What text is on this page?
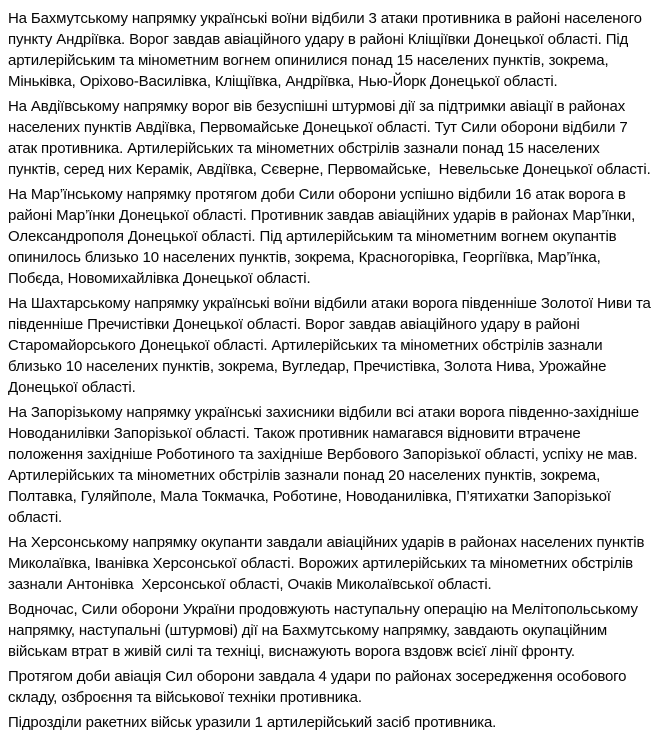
На Бахмутському напрямку українські воїни відбили 3 атаки противника в районі населеного пункту Андріївка. Ворог завдав авіаційного удару в районі Кліщіївки Донецької області. Під артилерійським та мінометним вогнем опинилися понад 15 населених пунктів, зокрема, Міньківка, Оріхово-Василівка, Кліщіївка, Андріївка, Нью-Йорк Донецької області.

На Авдіївському напрямку ворог вів безуспішні штурмові дії за підтримки авіації в районах населених пунктів Авдіївка, Первомайське Донецької області. Тут Сили оборони відбили 7 атак противника. Артилерійських та мінометних обстрілів зазнали понад 15 населених пунктів, серед них Керамік, Авдіївка, Сєверне, Первомайське,  Невельське Донецької області.

На Мар’їнському напрямку протягом доби Сили оборони успішно відбили 16 атак ворога в районі Мар’їнки Донецької області. Противник завдав авіаційних ударів в районах Мар’їнки, Олександрополя Донецької області. Під артилерійським та мінометним вогнем окупантів опинилось близько 10 населених пунктів, зокрема, Красногорівка, Георгіївка, Мар’їнка, Побєда, Новомихайлівка Донецької області.

На Шахтарському напрямку українські воїни відбили атаки ворога південніше Золотої Ниви та південніше Пречистівки Донецької області. Ворог завдав авіаційного удару в районі Старомайорського Донецької області. Артилерійських та мінометних обстрілів зазнали близько 10 населених пунктів, зокрема, Вугледар, Пречистівка, Золота Нива, Урожайне Донецької області.

На Запорізькому напрямку українські захисники відбили всі атаки ворога південно-західніше Новоданилівки Запорізької області. Також противник намагався відновити втрачене положення західніше Роботиного та західніше Вербового Запорізької області, успіху не мав. Артилерійських та мінометних обстрілів зазнали понад 20 населених пунктів, зокрема, Полтавка, Гуляйполе, Мала Токмачка, Роботине, Новоданилівка, П’ятихатки Запорізької області.

На Херсонському напрямку окупанти завдали авіаційних ударів в районах населених пунктів Миколаївка, Іванівка Херсонської області. Ворожих артилерійських та мінометних обстрілів зазнали Антонівка  Херсонської області, Очаків Миколаївської області.

Водночас, Сили оборони України продовжують наступальну операцію на Мелітопольському напрямку, наступальні (штурмові) дії на Бахмутському напрямку, завдають окупаційним військам втрат в живій силі та техніці, виснажують ворога вздовж всієї лінії фронту.

Протягом доби авіація Сил оборони завдала 4 удари по районах зосередження особового складу, озброєння та військової техніки противника.

Підрозділи ракетних військ уразили 1 артилерійський засіб противника.
